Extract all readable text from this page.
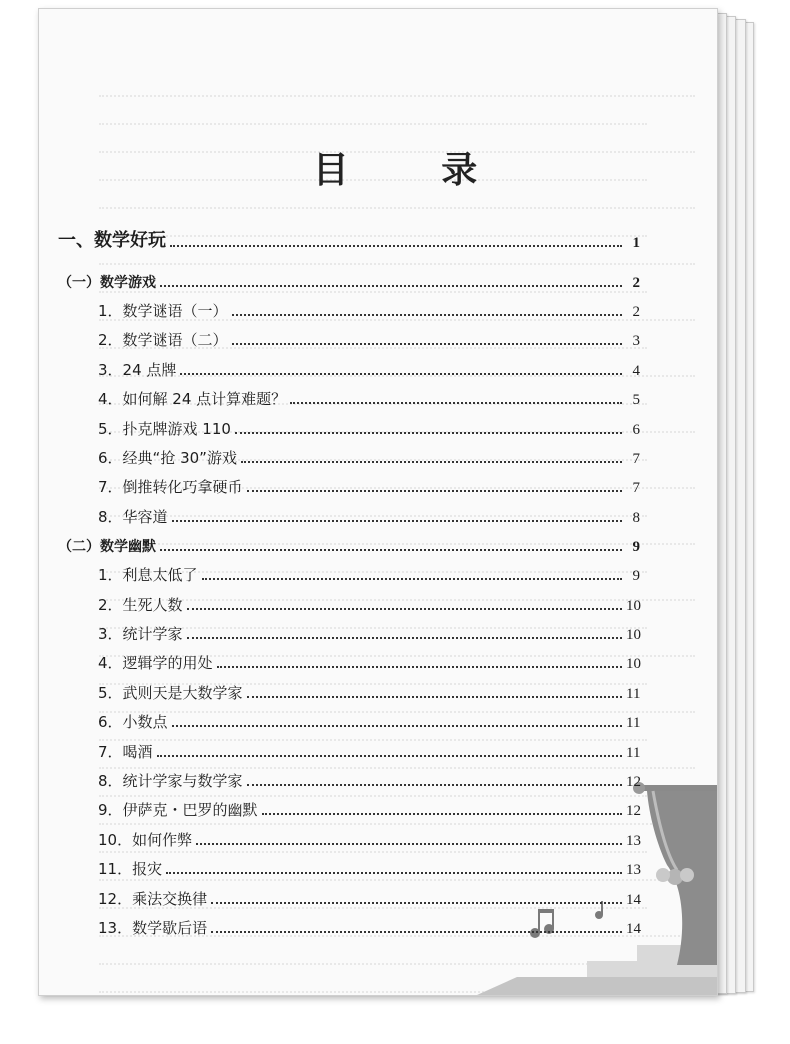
目 录
一、数学好玩	1
（一）数学游戏	2
1．数学谜语（一）	2
2．数学谜语（二）	3
3．24 点牌	4
4．如何解 24 点计算难题？	5
5．扑克牌游戏 110	6
6．经典“抢 30”游戏	7
7．倒推转化巧拿硬币	7
8．华容道	8
（二）数学幽默	9
1．利息太低了	9
2．生死人数	10
3．统计学家	10
4．逻辑学的用处	10
5．武则天是大数学家	11
6．小数点	11
7．喝酒	11
8．统计学家与数学家	12
9．伊萨克・巴罗的幽默	12
10．如何作弊	13
11．报灾	13
12．乘法交换律	14
13．数学歇后语	14
